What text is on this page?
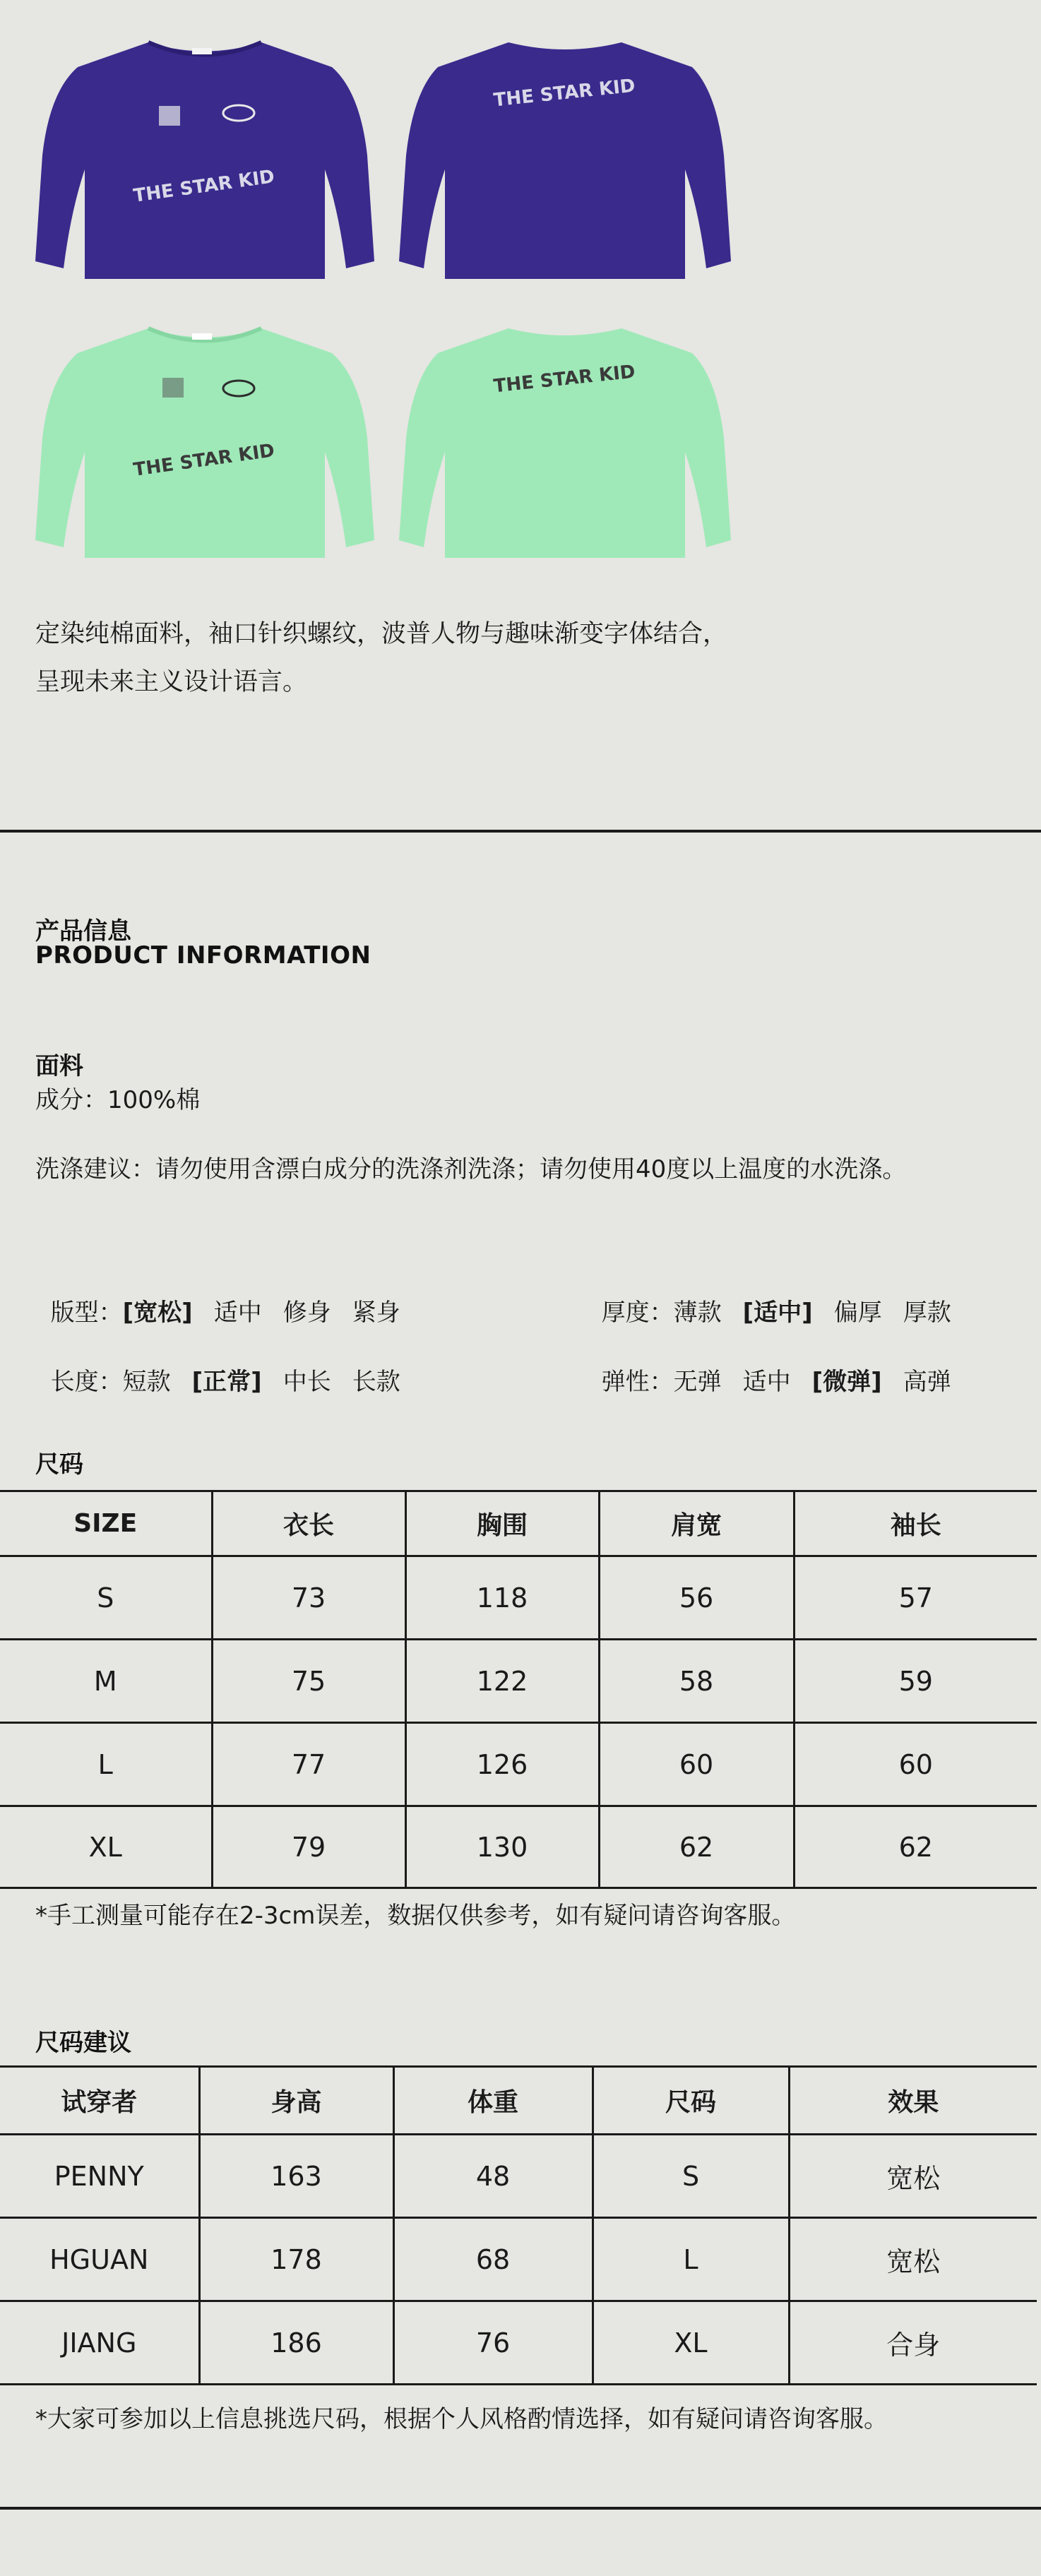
THE STAR KID
THE STAR KID
THE STAR KID
THE STAR KID
定染纯棉面料，袖口针织螺纹，波普人物与趣味渐变字体结合，
呈现未来主义设计语言。
产品信息
PRODUCT INFORMATION
面料
成分：100%棉
洗涤建议：请勿使用含漂白成分的洗涤剂洗涤；请勿使用40度以上温度的水洗涤。

版型：[宽松] 适中 修身 紧身	厚度：薄款 [适中] 偏厚 厚款

长度：短款 [正常] 中长 长款	弹性：无弹 适中 [微弹] 高弹

尺码
SIZE	衣长	胸围	肩宽	袖长
S	73	118	56	57
M	75	122	58	59
L	77	126	60	60
XL	79	130	62	62
*手工测量可能存在2-3cm误差，数据仅供参考，如有疑问请咨询客服。
尺码建议
试穿者	身高	体重	尺码	效果
PENNY	163	48	S	宽松
HGUAN	178	68	L	宽松
JIANG	186	76	XL	合身
*大家可参加以上信息挑选尺码，根据个人风格酌情选择，如有疑问请咨询客服。
